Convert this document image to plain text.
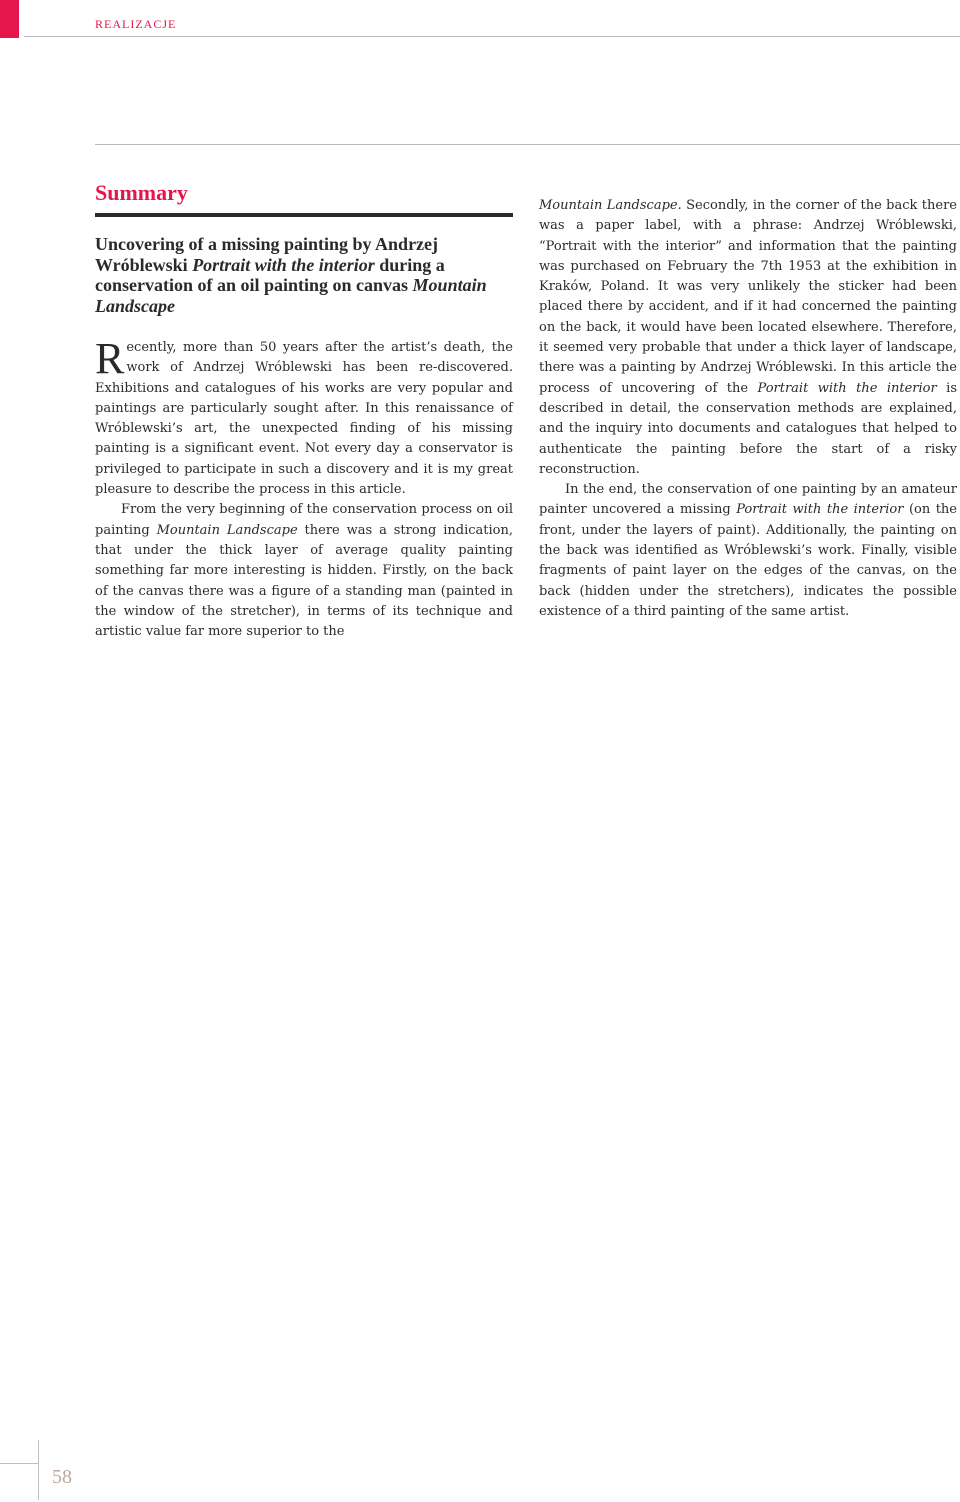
realizacje
Summary
Uncovering of a missing painting by Andrzej Wróblewski Portrait with the interior during a conservation of an oil painting on canvas Mountain Landscape

Recently, more than 50 years after the artist’s death, the work of Andrzej Wróblewski has been re-discovered. Exhibitions and catalogues of his works are very popular and paintings are particularly sought after. In this renaissance of Wróblewski’s art, the unexpected finding of his missing painting is a significant event. Not every day a conservator is privileged to participate in such a discovery and it is my great pleasure to describe the process in this article.

From the very beginning of the conservation process on oil painting Mountain Landscape there was a strong indication, that under the thick layer of average quality painting something far more interesting is hidden. Firstly, on the back of the canvas there was a figure of a standing man (painted in the window of the stretcher), in terms of its technique and artistic value far more superior to the

Mountain Landscape. Secondly, in the corner of the back there was a paper label, with a phrase: Andrzej Wróblewski, “Portrait with the interior” and information that the painting was purchased on February the 7th 1953 at the exhibition in Kraków, Poland. It was very unlikely the sticker had been placed there by accident, and if it had concerned the painting on the back, it would have been located elsewhere. Therefore, it seemed very probable that under a thick layer of landscape, there was a painting by Andrzej Wróblewski. In this article the process of uncovering of the Portrait with the interior is described in detail, the conservation methods are explained, and the inquiry into documents and catalogues that helped to authenticate the painting before the start of a risky reconstruction.

In the end, the conservation of one painting by an amateur painter uncovered a missing Portrait with the interior (on the front, under the layers of paint). Additionally, the painting on the back was identified as Wróblewski’s work. Finally, visible fragments of paint layer on the edges of the canvas, on the back (hidden under the stretchers), indicates the possible existence of a third painting of the same artist.

58
